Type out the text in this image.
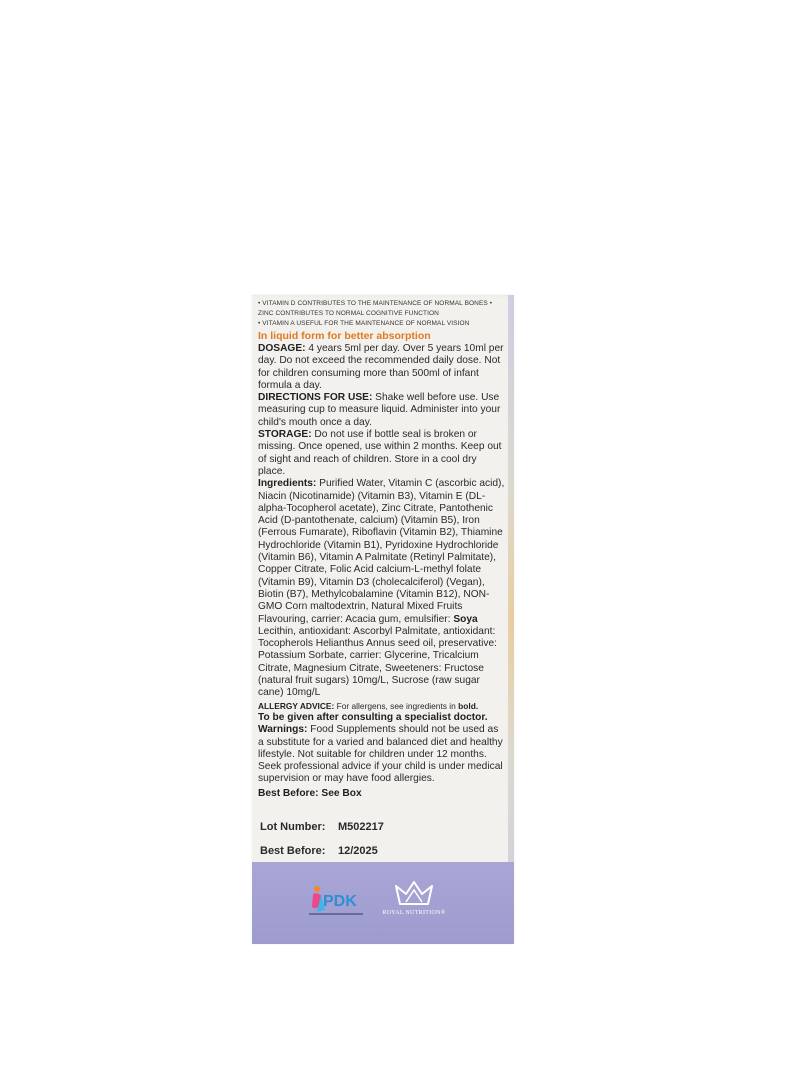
• VITAMIN D CONTRIBUTES TO THE MAINTENANCE OF NORMAL BONES • ZINC CONTRIBUTES TO NORMAL COGNITIVE FUNCTION
• VITAMIN A USEFUL FOR THE MAINTENANCE OF NORMAL VISION
In liquid form for better absorption
DOSAGE: 4 years 5ml per day. Over 5 years 10ml per day. Do not exceed the recommended daily dose. Not for children consuming more than 500ml of infant formula a day.
DIRECTIONS FOR USE: Shake well before use. Use measuring cup to measure liquid. Administer into your child's mouth once a day.
STORAGE: Do not use if bottle seal is broken or missing. Once opened, use within 2 months. Keep out of sight and reach of children. Store in a cool dry place.
Ingredients: Purified Water, Vitamin C (ascorbic acid), Niacin (Nicotinamide) (Vitamin B3), Vitamin E (DL-alpha-Tocopherol acetate), Zinc Citrate, Pantothenic Acid (D-pantothenate, calcium) (Vitamin B5), Iron (Ferrous Fumarate), Riboflavin (Vitamin B2), Thiamine Hydrochloride (Vitamin B1), Pyridoxine Hydrochloride (Vitamin B6), Vitamin A Palmitate (Retinyl Palmitate), Copper Citrate, Folic Acid calcium-L-methyl folate (Vitamin B9), Vitamin D3 (cholecalciferol) (Vegan), Biotin (B7), Methylcobalamine (Vitamin B12), NON-GMO Corn maltodextrin, Natural Mixed Fruits Flavouring, carrier: Acacia gum, emulsifier: Soya Lecithin, antioxidant: Ascorbyl Palmitate, antioxidant: Tocopherols Helianthus Annus seed oil, preservative: Potassium Sorbate, carrier: Glycerine, Tricalcium Citrate, Magnesium Citrate, Sweeteners: Fructose (natural fruit sugars) 10mg/L, Sucrose (raw sugar cane) 10mg/L
ALLERGY ADVICE: For allergens, see ingredients in bold.
To be given after consulting a specialist doctor.
Warnings: Food Supplements should not be used as a substitute for a varied and balanced diet and healthy lifestyle. Not suitable for children under 12 months. Seek professional advice if your child is under medical supervision or may have food allergies.
Best Before: See Box
Lot Number: M502217
Best Before: 12/2025
PDK
ROYAL NUTRITION®
